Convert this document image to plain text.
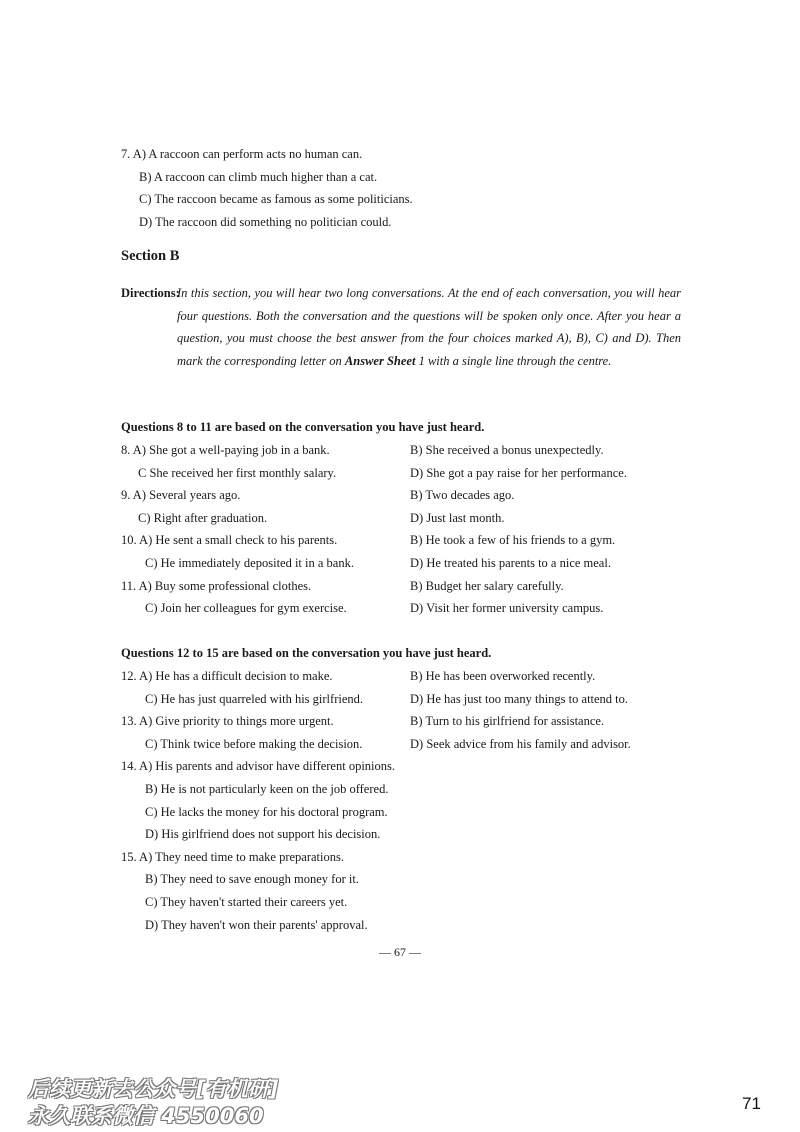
7. A) A raccoon can perform acts no human can.
B) A raccoon can climb much higher than a cat.
C) The raccoon became as famous as some politicians.
D) The raccoon did something no politician could.
Section B
Directions:
In this section, you will hear two long conversations. At the end of each conversation, you will hear four questions. Both the conversation and the questions will be spoken only once. After you hear a question, you must choose the best answer from the four choices marked A), B), C) and D). Then mark the corresponding letter on Answer Sheet 1 with a single line through the centre.
Questions 8 to 11 are based on the conversation you have just heard.
8. A) She got a well-paying job in a bank.	B) She received a bonus unexpectedly.
C She received her first monthly salary.	D) She got a pay raise for her performance.
9. A) Several years ago.	B) Two decades ago.
C) Right after graduation.	D) Just last month.
10. A) He sent a small check to his parents.	B) He took a few of his friends to a gym.
C) He immediately deposited it in a bank.	D) He treated his parents to a nice meal.
11. A) Buy some professional clothes.	B) Budget her salary carefully.
C) Join her colleagues for gym exercise.	D) Visit her former university campus.
Questions 12 to 15 are based on the conversation you have just heard.
12. A) He has a difficult decision to make.	B) He has been overworked recently.
C) He has just quarreled with his girlfriend.	D) He has just too many things to attend to.
13. A) Give priority to things more urgent.	B) Turn to his girlfriend for assistance.
C) Think twice before making the decision.	D) Seek advice from his family and advisor.
14. A) His parents and advisor have different opinions.
B) He is not particularly keen on the job offered.
C) He lacks the money for his doctoral program.
D) His girlfriend does not support his decision.
15. A) They need time to make preparations.
B) They need to save enough money for it.
C) They haven't started their careers yet.
D) They haven't won their parents' approval.
— 67 —
后续更新去公众号[有机研]
永久联系微信 4550060
71
